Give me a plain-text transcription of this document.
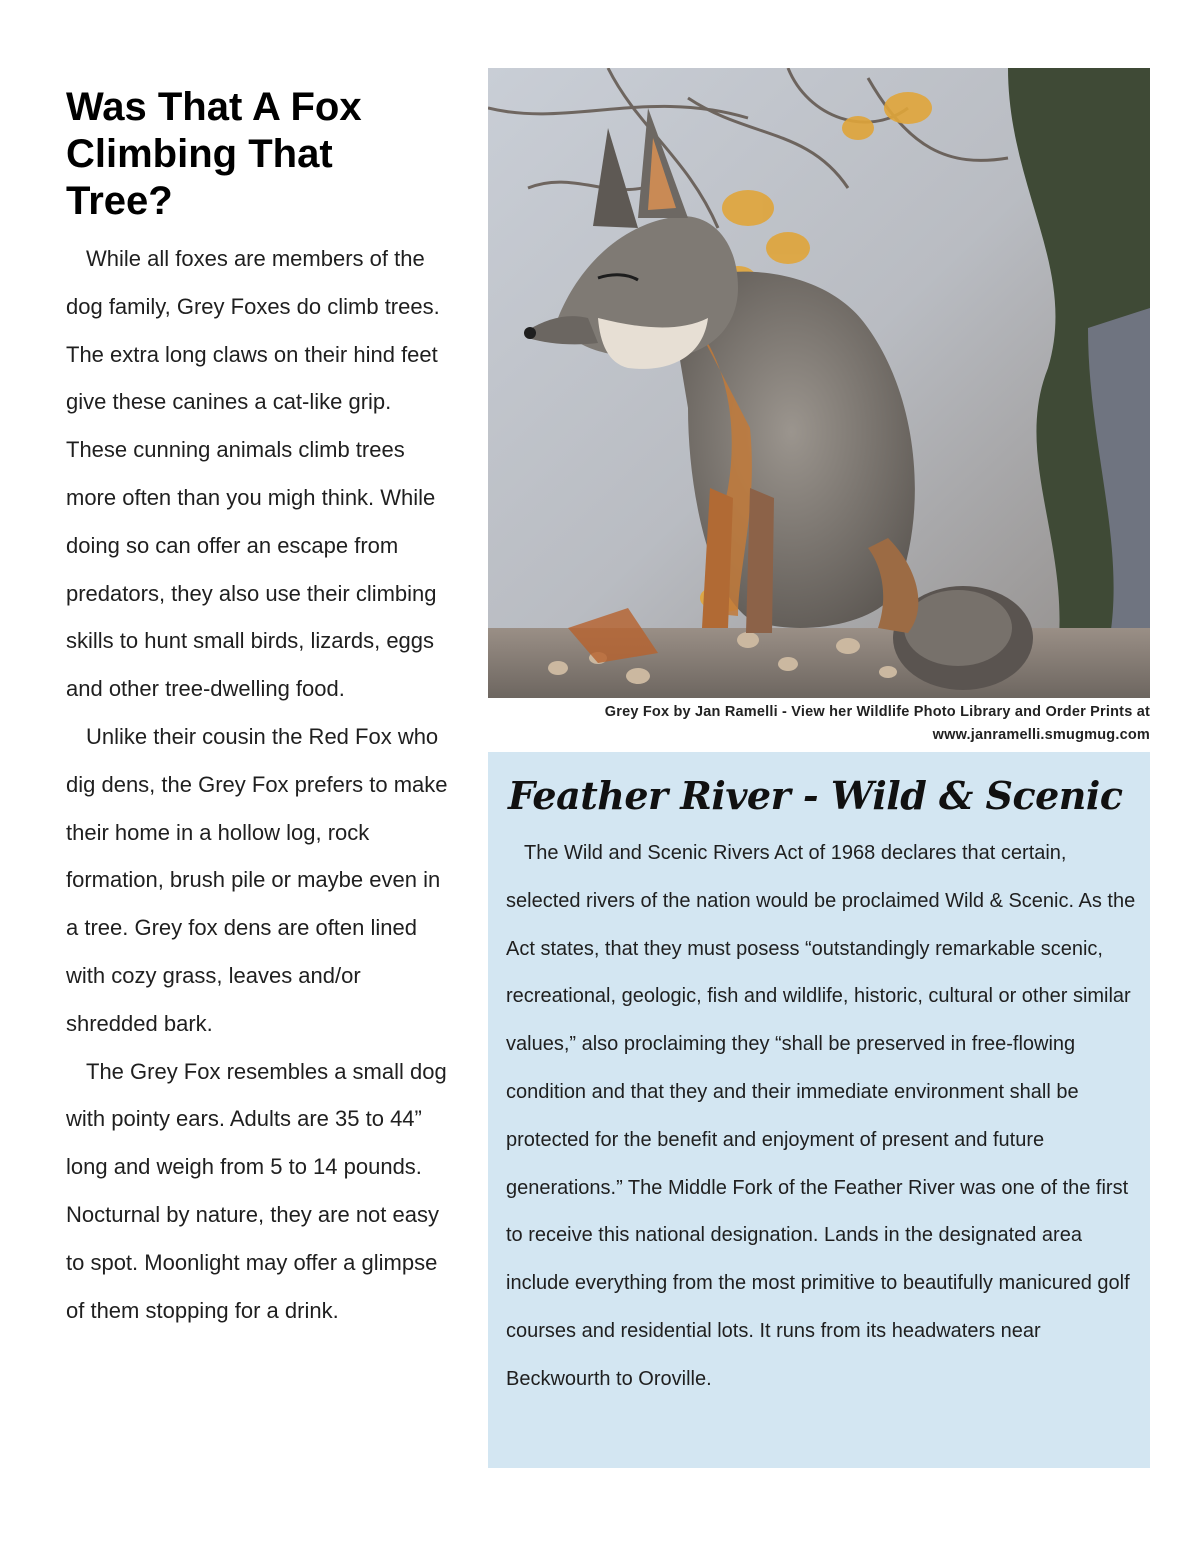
Was That A Fox Climbing That Tree?

While all foxes are members of the dog family, Grey Foxes do climb trees. The extra long claws on their hind feet give these canines a cat-like grip. These cunning animals climb trees more often than you migh think. While doing so can offer an escape from predators, they also use their climbing skills to hunt small birds, lizards, eggs and other tree-dwelling food.

Unlike their cousin the Red Fox who dig dens, the Grey Fox prefers to make their home in a hollow log, rock formation, brush pile or maybe even in a tree. Grey fox dens are often lined with cozy grass, leaves and/or shredded bark.

The Grey Fox resembles a small dog with pointy ears. Adults are 35 to 44” long and weigh from 5 to 14 pounds. Nocturnal by nature, they are not easy to spot. Moonlight may offer a glimpse of them stopping for a drink.

Grey Fox by Jan Ramelli - View her Wildlife Photo Library and Order Prints at
www.janramelli.smugmug.com
Feather River - Wild & Scenic

The Wild and Scenic Rivers Act of 1968 declares that certain, selected rivers of the nation would be proclaimed Wild & Scenic. As the Act states, that they must posess “outstandingly remarkable scenic, recreational, geologic, fish and wildlife, historic, cultural or other similar values,” also proclaiming they “shall be preserved in free-flowing condition and that they and their immediate environment shall be protected for the benefit and enjoyment of present and future generations.” The Middle Fork of the Feather River was one of the first to receive this national designation. Lands in the designated area include everything from the most primitive to beautifully manicured golf courses and residential lots. It runs from its headwaters near Beckwourth to Oroville.
